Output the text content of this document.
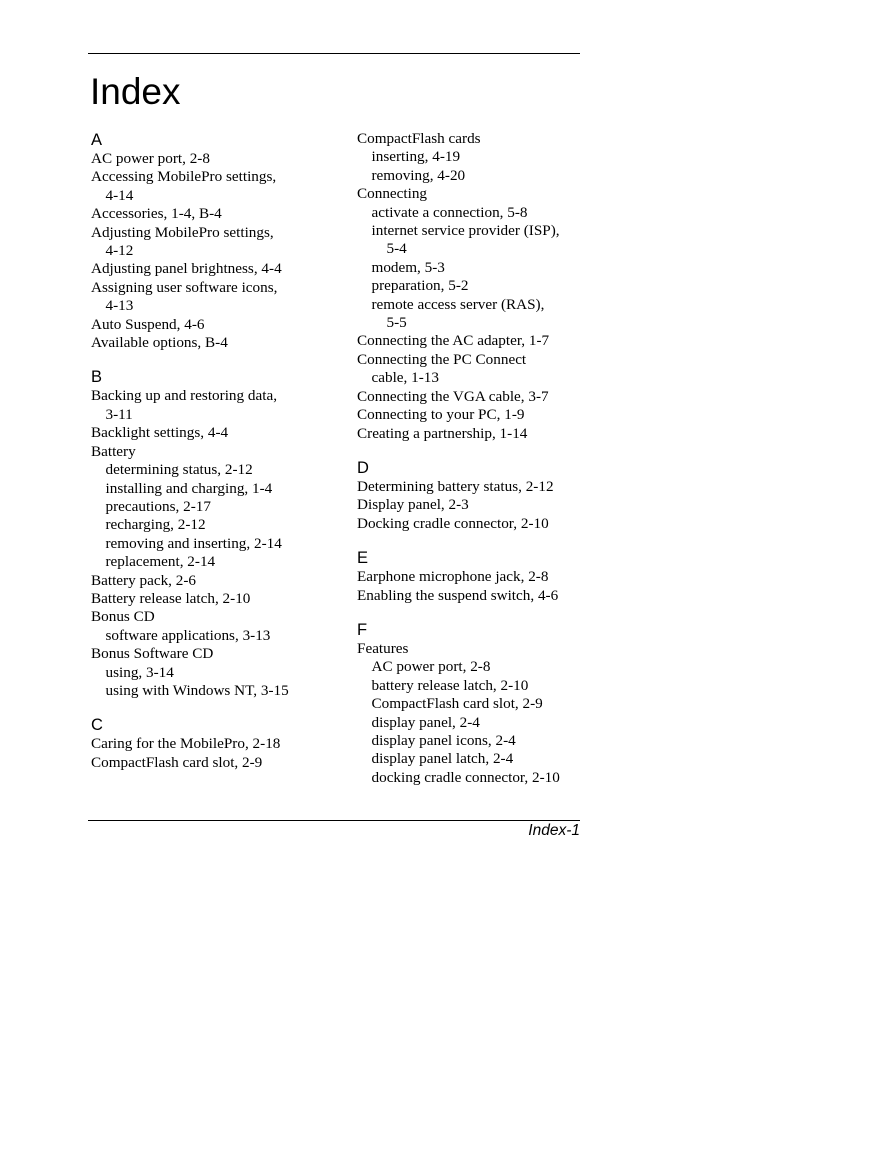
Index
A
AC power port, 2-8
Accessing MobilePro settings,
4-14
Accessories, 1-4, B-4
Adjusting MobilePro settings,
4-12
Adjusting panel brightness, 4-4
Assigning user software icons,
4-13
Auto Suspend, 4-6
Available options, B-4
B
Backing up and restoring data,
3-11
Backlight settings, 4-4
Battery
determining status, 2-12
installing and charging, 1-4
precautions, 2-17
recharging, 2-12
removing and inserting, 2-14
replacement, 2-14
Battery pack, 2-6
Battery release latch, 2-10
Bonus CD
software applications, 3-13
Bonus Software CD
using, 3-14
using with Windows NT, 3-15
C
Caring for the MobilePro, 2-18
CompactFlash card slot, 2-9
CompactFlash cards
inserting, 4-19
removing, 4-20
Connecting
activate a connection, 5-8
internet service provider (ISP),
5-4
modem, 5-3
preparation, 5-2
remote access server (RAS),
5-5
Connecting the AC adapter, 1-7
Connecting the PC Connect
cable, 1-13
Connecting the VGA cable, 3-7
Connecting to your PC, 1-9
Creating a partnership, 1-14
D
Determining battery status, 2-12
Display panel, 2-3
Docking cradle connector, 2-10
E
Earphone microphone jack, 2-8
Enabling the suspend switch, 4-6
F
Features
AC power port, 2-8
battery release latch, 2-10
CompactFlash card slot, 2-9
display panel, 2-4
display panel icons, 2-4
display panel latch, 2-4
docking cradle connector, 2-10
Index-1
